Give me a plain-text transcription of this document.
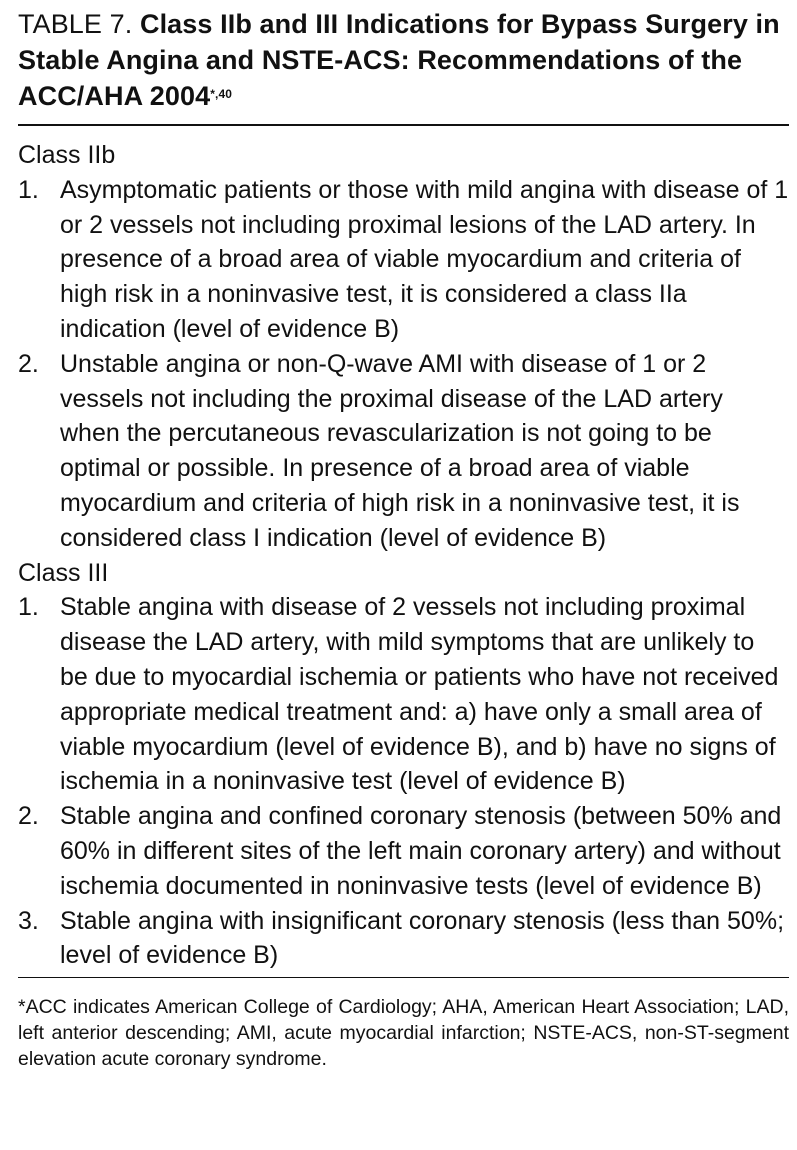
TABLE 7. Class IIb and III Indications for Bypass Surgery in Stable Angina and NSTE-ACS: Recommendations of the ACC/AHA $2004^{*,40}$

Class IIb

1. Asymptomatic patients or those with mild angina with disease of 1 or 2 vessels not including proximal lesions of the LAD artery. In presence of a broad area of viable myocardium and criteria of high risk in a noninvasive test, it is considered a class IIa indication (level of evidence B)
2. Unstable angina or non-Q-wave AMI with disease of 1 or 2 vessels not including the proximal disease of the LAD artery when the percutaneous revascularization is not going to be optimal or possible. In presence of a broad area of viable myocardium and criteria of high risk in a noninvasive test, it is considered class I indication (level of evidence B)

Class III

1. Stable angina with disease of 2 vessels not including proximal disease the LAD artery, with mild symptoms that are unlikely to be due to myocardial ischemia or patients who have not received appropriate medical treatment and: a) have only a small area of viable myocardium (level of evidence B), and b) have no signs of ischemia in a noninvasive test (level of evidence B)
2. Stable angina and confined coronary stenosis (between 50% and 60% in different sites of the left main coronary artery) and without ischemia documented in noninvasive tests (level of evidence B)
3. Stable angina with insignificant coronary stenosis (less than 50%; level of evidence B)
*ACC indicates American College of Cardiology; AHA, American Heart Association; LAD, left anterior descending; AMI, acute myocardial infarction; NSTE-ACS, non-ST-segment elevation acute coronary syndrome.
